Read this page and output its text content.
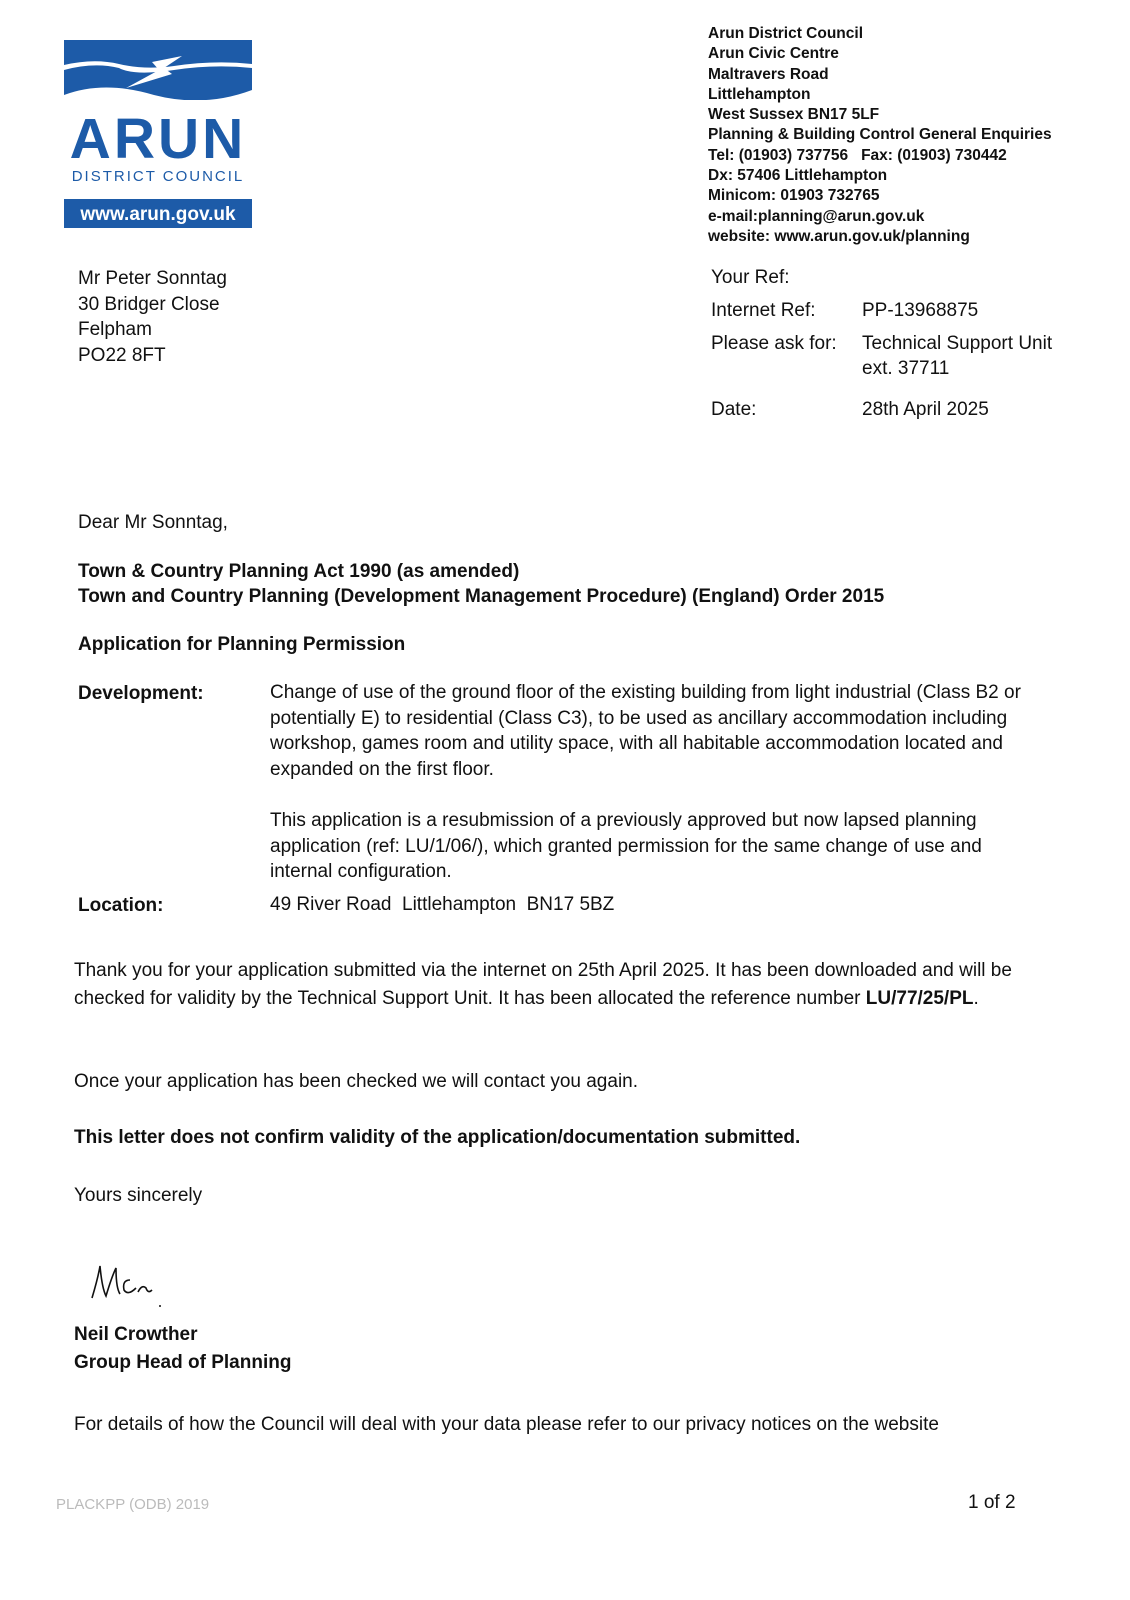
ARUN
DISTRICT COUNCIL
www.arun.gov.uk
Arun District Council
Arun Civic Centre
Maltravers Road
Littlehampton
West Sussex BN17 5LF
Planning & Building Control General Enquiries
Tel: (01903) 737756   Fax: (01903) 730442
Dx: 57406 Littlehampton
Minicom: 01903 732765
e-mail:planning@arun.gov.uk
website: www.arun.gov.uk/planning
Mr Peter Sonntag
30 Bridger Close
Felpham
PO22 8FT
Your Ref:
Internet Ref: PP-13968875
Please ask for: Technical Support Unit
ext. 37711
Date:	28th April 2025
Dear Mr Sonntag,
Town & Country Planning Act 1990 (as amended)
Town and Country Planning (Development Management Procedure) (England) Order 2015
Application for Planning Permission
Development:	Change of use of the ground floor of the existing building from light industrial (Class B2 or potentially E) to residential (Class C3), to be used as ancillary accommodation including workshop, games room and utility space, with all habitable accommodation located and expanded on the first floor.
This application is a resubmission of a previously approved but now lapsed planning application (ref: LU/1/06/), which granted permission for the same change of use and internal configuration.
Location:	49 River Road  Littlehampton  BN17 5BZ
Thank you for your application submitted via the internet on 25th April 2025. It has been downloaded and will be checked for validity by the Technical Support Unit. It has been allocated the reference number LU/77/25/PL.
Once your application has been checked we will contact you again.
This letter does not confirm validity of the application/documentation submitted.
Yours sincerely
Neil Crowther
Group Head of Planning
For details of how the Council will deal with your data please refer to our privacy notices on the website
PLACKPP (ODB) 2019	1 of 2
